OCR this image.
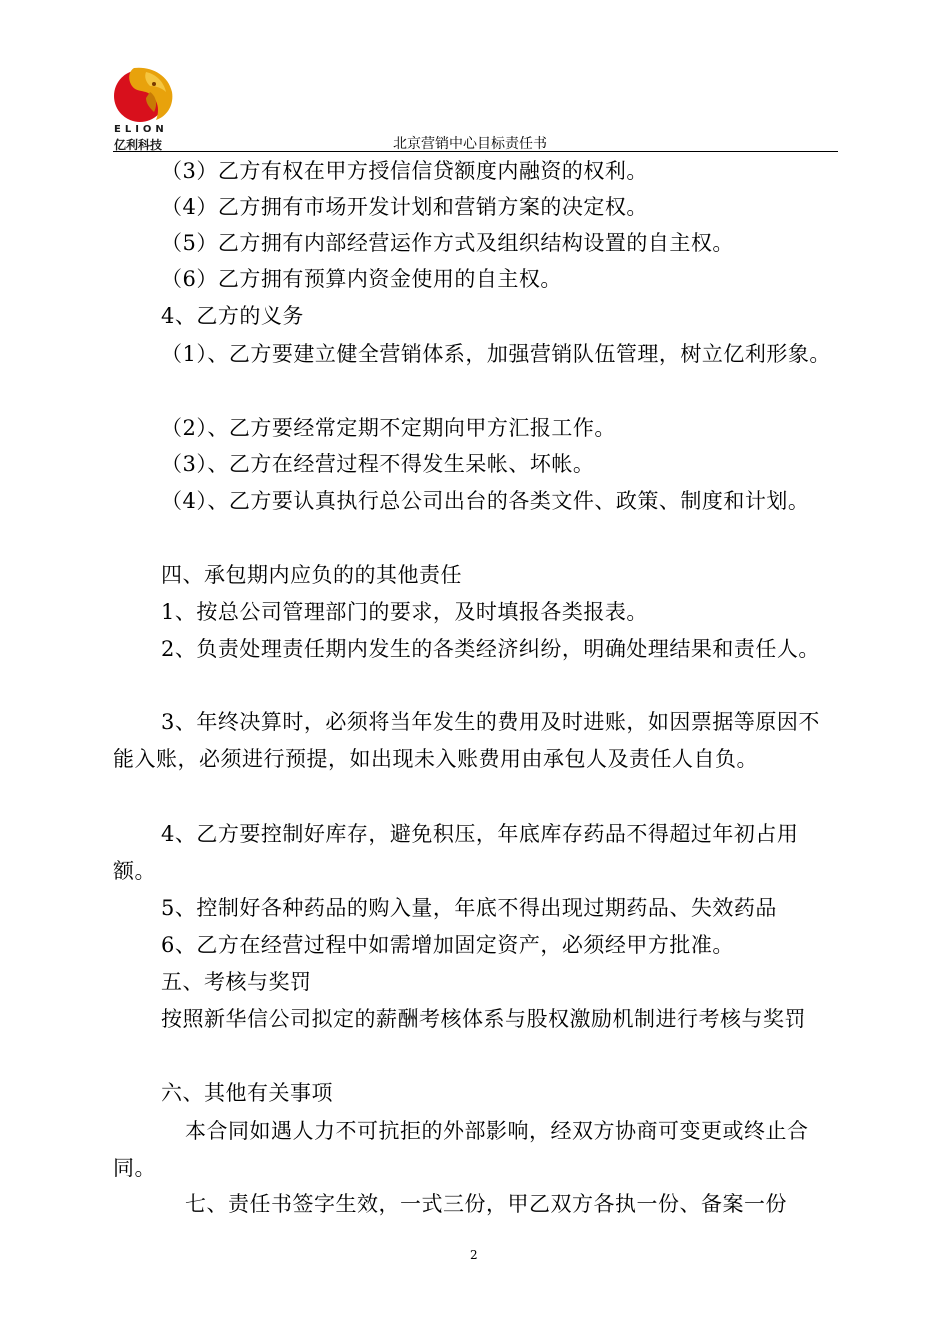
ELION
亿利科技	北京营销中心目标责任书

（3）乙方有权在甲方授信信贷额度内融资的权利。

（4）乙方拥有市场开发计划和营销方案的决定权。

（5）乙方拥有内部经营运作方式及组织结构设置的自主权。

（6）乙方拥有预算内资金使用的自主权。

4、乙方的义务

（1）、乙方要建立健全营销体系，加强营销队伍管理，树立亿利形象。

（2）、乙方要经常定期不定期向甲方汇报工作。

（3）、乙方在经营过程不得发生呆帐、坏帐。

（4）、乙方要认真执行总公司出台的各类文件、政策、制度和计划。

四、承包期内应负的的其他责任

1、按总公司管理部门的要求，及时填报各类报表。

2、负责处理责任期内发生的各类经济纠纷，明确处理结果和责任人。

3、年终决算时，必须将当年发生的费用及时进账，如因票据等原因不能入账，必须进行预提，如出现未入账费用由承包人及责任人自负。

4、乙方要控制好库存，避免积压，年底库存药品不得超过年初占用额。

5、控制好各种药品的购入量，年底不得出现过期药品、失效药品

6、乙方在经营过程中如需增加固定资产，必须经甲方批准。

五、考核与奖罚

按照新华信公司拟定的薪酬考核体系与股权激励机制进行考核与奖罚

六、其他有关事项

本合同如遇人力不可抗拒的外部影响，经双方协商可变更或终止合同。

七、责任书签字生效，一式三份，甲乙双方各执一份、备案一份

2
